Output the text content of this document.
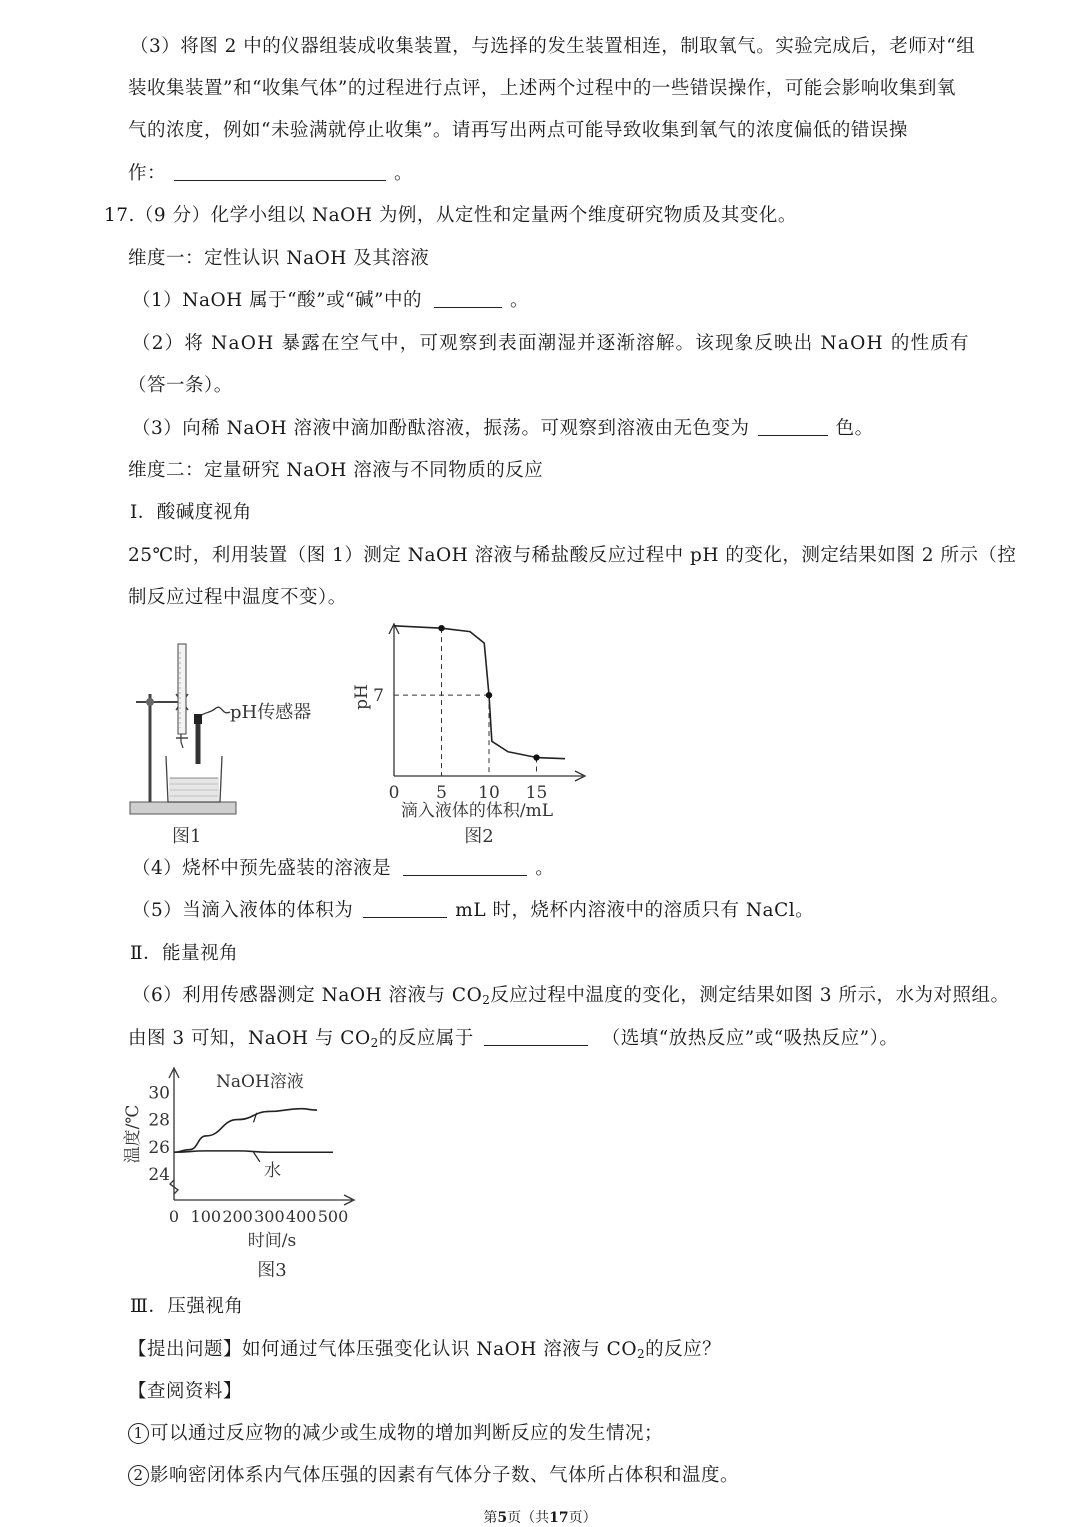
（3）将图 2 中的仪器组装成收集装置，与选择的发生装置相连，制取氧气。实验完成后，老师对“组
装收集装置”和“收集气体”的过程进行点评，上述两个过程中的一些错误操作，可能会影响收集到氧
气的浓度，例如“未验满就停止收集”。请再写出两点可能导致收集到氧气的浓度偏低的错误操
作：	。
17.（9 分）化学小组以 NaOH 为例，从定性和定量两个维度研究物质及其变化。
维度一：定性认识 NaOH 及其溶液
（1）NaOH 属于“酸”或“碱”中的	。
（2）将 NaOH 暴露在空气中，可观察到表面潮湿并逐渐溶解。该现象反映出 NaOH 的性质有
（答一条）。
（3）向稀 NaOH 溶液中滴加酚酞溶液，振荡。可观察到溶液由无色变为	色。
维度二：定量研究 NaOH 溶液与不同物质的反应
Ⅰ．酸碱度视角
25℃时，利用装置（图 1）测定 NaOH 溶液与稀盐酸反应过程中 pH 的变化，测定结果如图 2 所示（控
制反应过程中温度不变）。
pH传感器
图1
0 5 10 15
7
pH
滴入液体的体积/mL
图2
（4）烧杯中预先盛装的溶液是	。
（5）当滴入液体的体积为	mL 时，烧杯内溶液中的溶质只有 NaCl。
Ⅱ．能量视角
（6）利用传感器测定 NaOH 溶液与 $CO_2$反应过程中温度的变化，测定结果如图 3 所示，水为对照组。
由图 3 可知，NaOH 与 $CO_2$的反应属于	（选填“放热反应”或“吸热反应”）。
NaOH溶液
水
0 100 200 300 400 500
24
26
28
30
温度/℃
时间/s
图3
Ⅲ．压强视角
【提出问题】如何通过气体压强变化认识 NaOH 溶液与 $CO_2$的反应？
【查阅资料】
1 可以通过反应物的减少或生成物的增加判断反应的发生情况；
2 影响密闭体系内气体压强的因素有气体分子数、气体所占体积和温度。
第5页（共17页）
